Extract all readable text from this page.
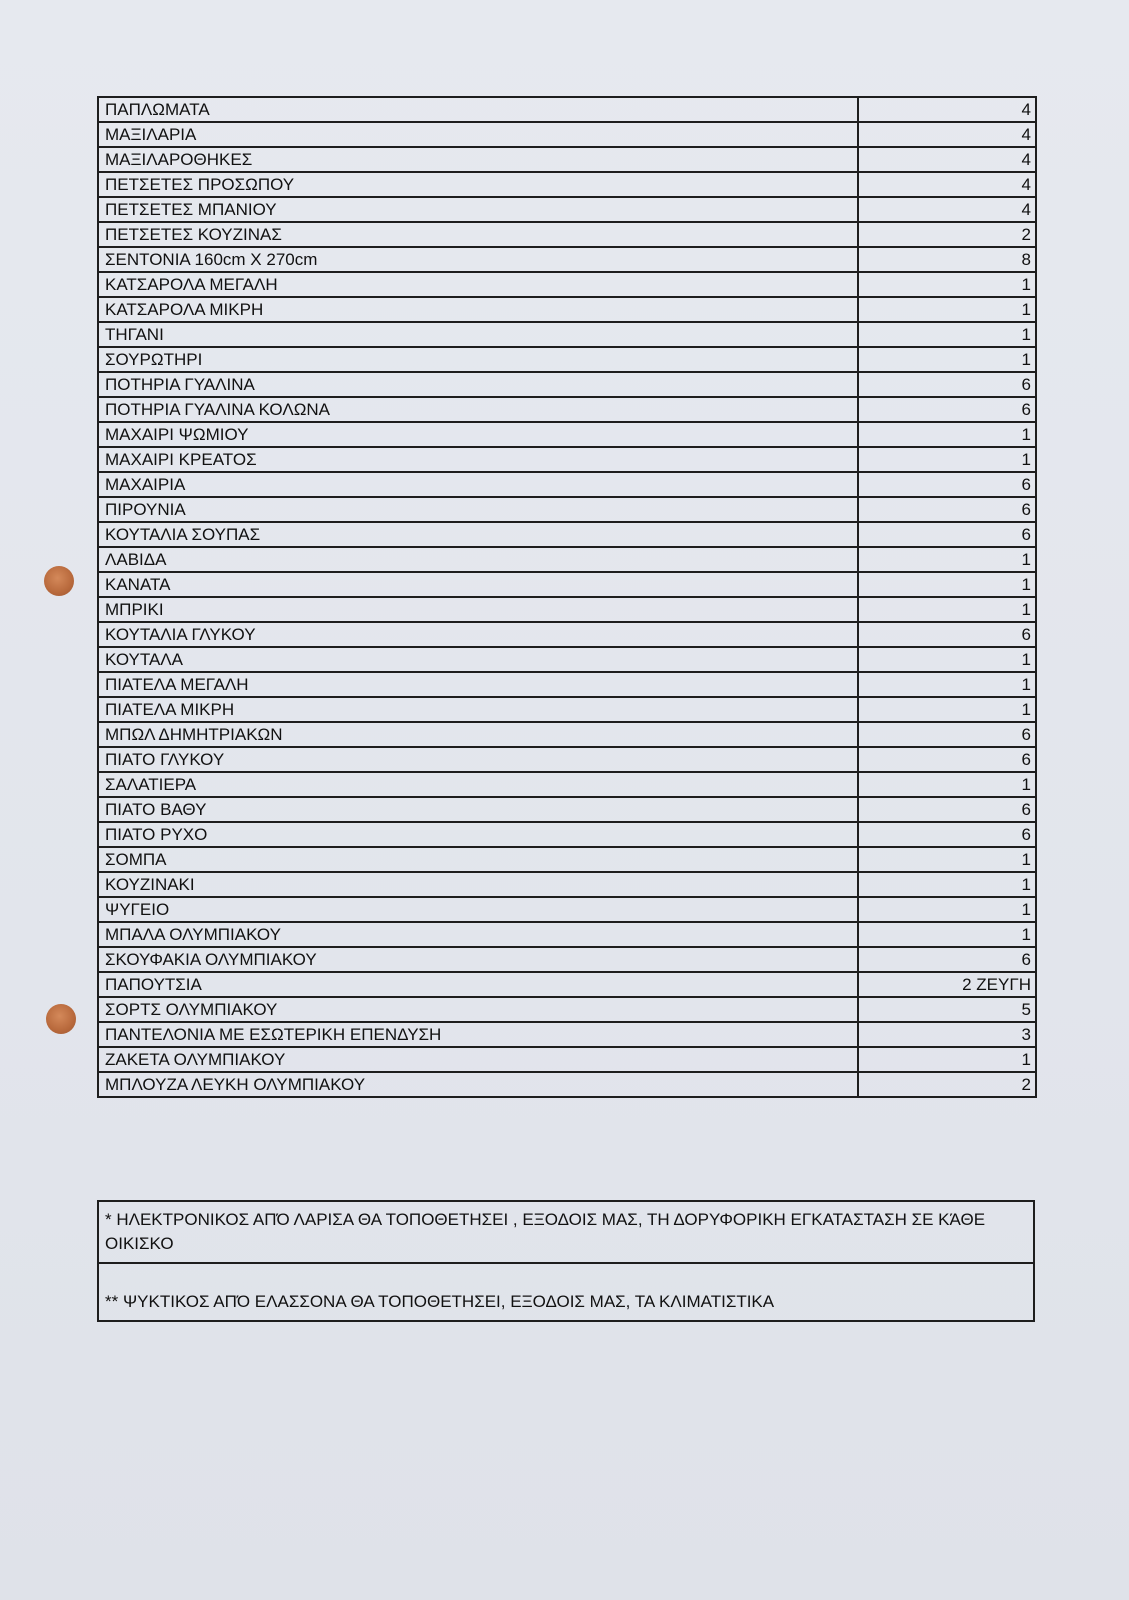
ΠΑΠΛΩΜΑΤΑ	4
ΜΑΞΙΛΑΡΙΑ	4
ΜΑΞΙΛΑΡΟΘΗΚΕΣ	4
ΠΕΤΣΕΤΕΣ ΠΡΟΣΩΠΟΥ	4
ΠΕΤΣΕΤΕΣ ΜΠΑΝΙΟΥ	4
ΠΕΤΣΕΤΕΣ ΚΟΥΖΙΝΑΣ	2
ΣΕΝΤΟΝΙΑ 160cm X 270cm	8
ΚΑΤΣΑΡΟΛΑ ΜΕΓΑΛΗ	1
ΚΑΤΣΑΡΟΛΑ ΜΙΚΡΗ	1
ΤΗΓΑΝΙ	1
ΣΟΥΡΩΤΗΡΙ	1
ΠΟΤΗΡΙΑ ΓΥΑΛΙΝΑ	6
ΠΟΤΗΡΙΑ ΓΥΑΛΙΝΑ ΚΟΛΩΝΑ	6
ΜΑΧΑΙΡΙ ΨΩΜΙΟΥ	1
ΜΑΧΑΙΡΙ ΚΡΕΑΤΟΣ	1
ΜΑΧΑΙΡΙΑ	6
ΠΙΡΟΥΝΙΑ	6
ΚΟΥΤΑΛΙΑ ΣΟΥΠΑΣ	6
ΛΑΒΙΔΑ	1
ΚΑΝΑΤΑ	1
ΜΠΡΙΚΙ	1
ΚΟΥΤΑΛΙΑ ΓΛΥΚΟΥ	6
ΚΟΥΤΑΛΑ	1
ΠΙΑΤΕΛΑ ΜΕΓΑΛΗ	1
ΠΙΑΤΕΛΑ ΜΙΚΡΗ	1
ΜΠΩΛ ΔΗΜΗΤΡΙΑΚΩΝ	6
ΠΙΑΤΟ ΓΛΥΚΟΥ	6
ΣΑΛΑΤΙΕΡΑ	1
ΠΙΑΤΟ ΒΑΘΥ	6
ΠΙΑΤΟ ΡΥΧΟ	6
ΣΟΜΠΑ	1
ΚΟΥΖΙΝΑΚΙ	1
ΨΥΓΕΙΟ	1
ΜΠΑΛΑ ΟΛΥΜΠΙΑΚΟΥ	1
ΣΚΟΥΦΑΚΙΑ ΟΛΥΜΠΙΑΚΟΥ	6
ΠΑΠΟΥΤΣΙΑ	2 ΖΕΥΓΗ
ΣΟΡΤΣ ΟΛΥΜΠΙΑΚΟΥ	5
ΠΑΝΤΕΛΟΝΙΑ ΜΕ ΕΣΩΤΕΡΙΚΗ ΕΠΕΝΔΥΣΗ	3
ΖΑΚΕΤΑ ΟΛΥΜΠΙΑΚΟΥ	1
ΜΠΛΟΥΖΑ ΛΕΥΚΗ ΟΛΥΜΠΙΑΚΟΥ	2
* ΗΛΕΚΤΡΟΝΙΚΟΣ ΑΠΌ ΛΑΡΙΣΑ ΘΑ ΤΟΠΟΘΕΤΗΣΕΙ , ΕΞΟΔΟΙΣ ΜΑΣ, ΤΗ ΔΟΡΥΦΟΡΙΚΗ ΕΓΚΑΤΑΣΤΑΣΗ ΣΕ ΚΆΘΕ ΟΙΚΙΣΚΟ
** ΨΥΚΤΙΚΟΣ ΑΠΌ ΕΛΑΣΣΟΝΑ ΘΑ ΤΟΠΟΘΕΤΗΣΕΙ, ΕΞΟΔΟΙΣ ΜΑΣ, ΤΑ ΚΛΙΜΑΤΙΣΤΙΚΑ
